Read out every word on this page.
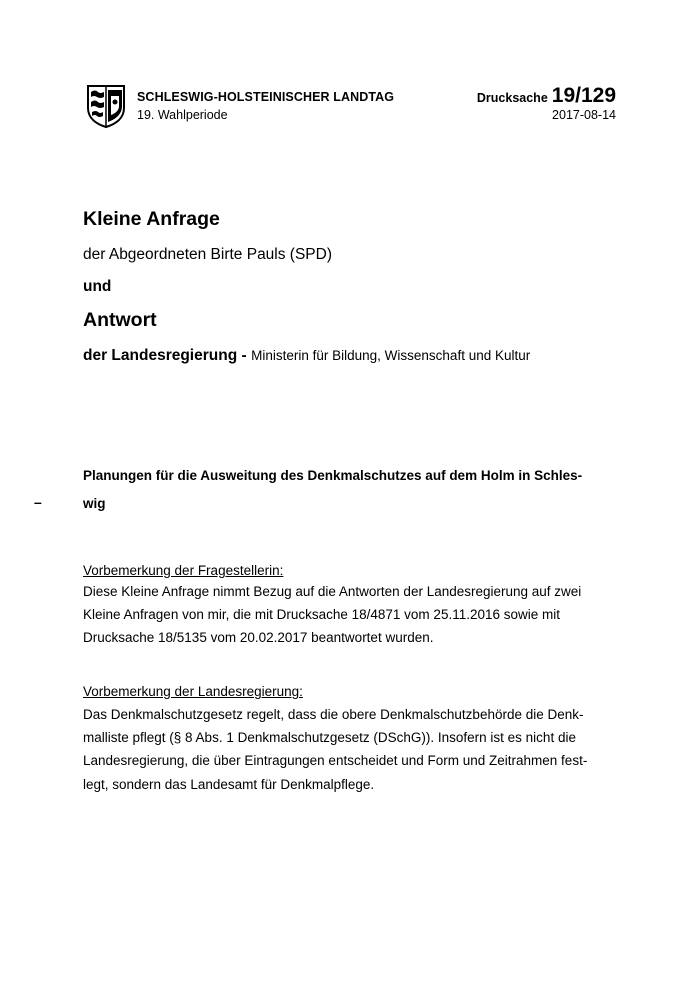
SCHLESWIG-HOLSTEINISCHER LANDTAG
19. Wahlperiode
Drucksache 19/129
2017-08-14
Kleine Anfrage
der Abgeordneten Birte Pauls (SPD)
und
Antwort
der Landesregierung - Ministerin für Bildung, Wissenschaft und Kultur
–
Planungen für die Ausweitung des Denkmalschutzes auf dem Holm in Schles-
wig
Vorbemerkung der Fragestellerin:
Diese Kleine Anfrage nimmt Bezug auf die Antworten der Landesregierung auf zwei
Kleine Anfragen von mir, die mit Drucksache 18/4871 vom 25.11.2016 sowie mit
Drucksache 18/5135 vom 20.02.2017 beantwortet wurden.
Vorbemerkung der Landesregierung:
Das Denkmalschutzgesetz regelt, dass die obere Denkmalschutzbehörde die Denk-
malliste pflegt (§ 8 Abs. 1 Denkmalschutzgesetz (DSchG)). Insofern ist es nicht die
Landesregierung, die über Eintragungen entscheidet und Form und Zeitrahmen fest-
legt, sondern das Landesamt für Denkmalpflege.
